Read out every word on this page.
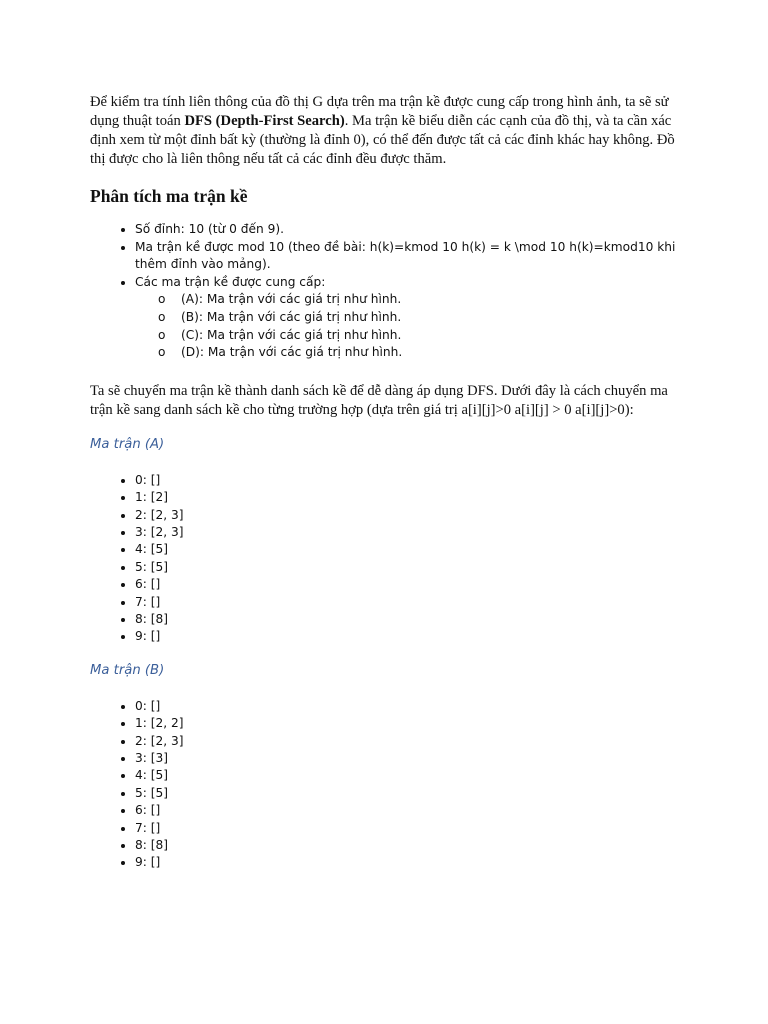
Để kiểm tra tính liên thông của đồ thị G dựa trên ma trận kề được cung cấp trong hình ảnh, ta sẽ sử dụng thuật toán DFS (Depth-First Search). Ma trận kề biểu diễn các cạnh của đồ thị, và ta cần xác định xem từ một đỉnh bất kỳ (thường là đỉnh 0), có thể đến được tất cả các đỉnh khác hay không. Đồ thị được cho là liên thông nếu tất cả các đỉnh đều được thăm.

Phân tích ma trận kề
• Số đỉnh: 10 (từ 0 đến 9).
• Ma trận kề được mod 10 (theo đề bài: h(k)=kmod 10 h(k) = k \mod 10 h(k)=kmod10 khi thêm đỉnh vào mảng).
• Các ma trận kề được cung cấp:
o (A): Ma trận với các giá trị như hình.
o (B): Ma trận với các giá trị như hình.
o (C): Ma trận với các giá trị như hình.
o (D): Ma trận với các giá trị như hình.

Ta sẽ chuyển ma trận kề thành danh sách kề để dễ dàng áp dụng DFS. Dưới đây là cách chuyển ma trận kề sang danh sách kề cho từng trường hợp (dựa trên giá trị a[i][j]>0 a[i][j] > 0 a[i][j]>0):

Ma trận (A)
• 0: []
• 1: [2]
• 2: [2, 3]
• 3: [2, 3]
• 4: [5]
• 5: [5]
• 6: []
• 7: []
• 8: [8]
• 9: []
Ma trận (B)
• 0: []
• 1: [2, 2]
• 2: [2, 3]
• 3: [3]
• 4: [5]
• 5: [5]
• 6: []
• 7: []
• 8: [8]
• 9: []
